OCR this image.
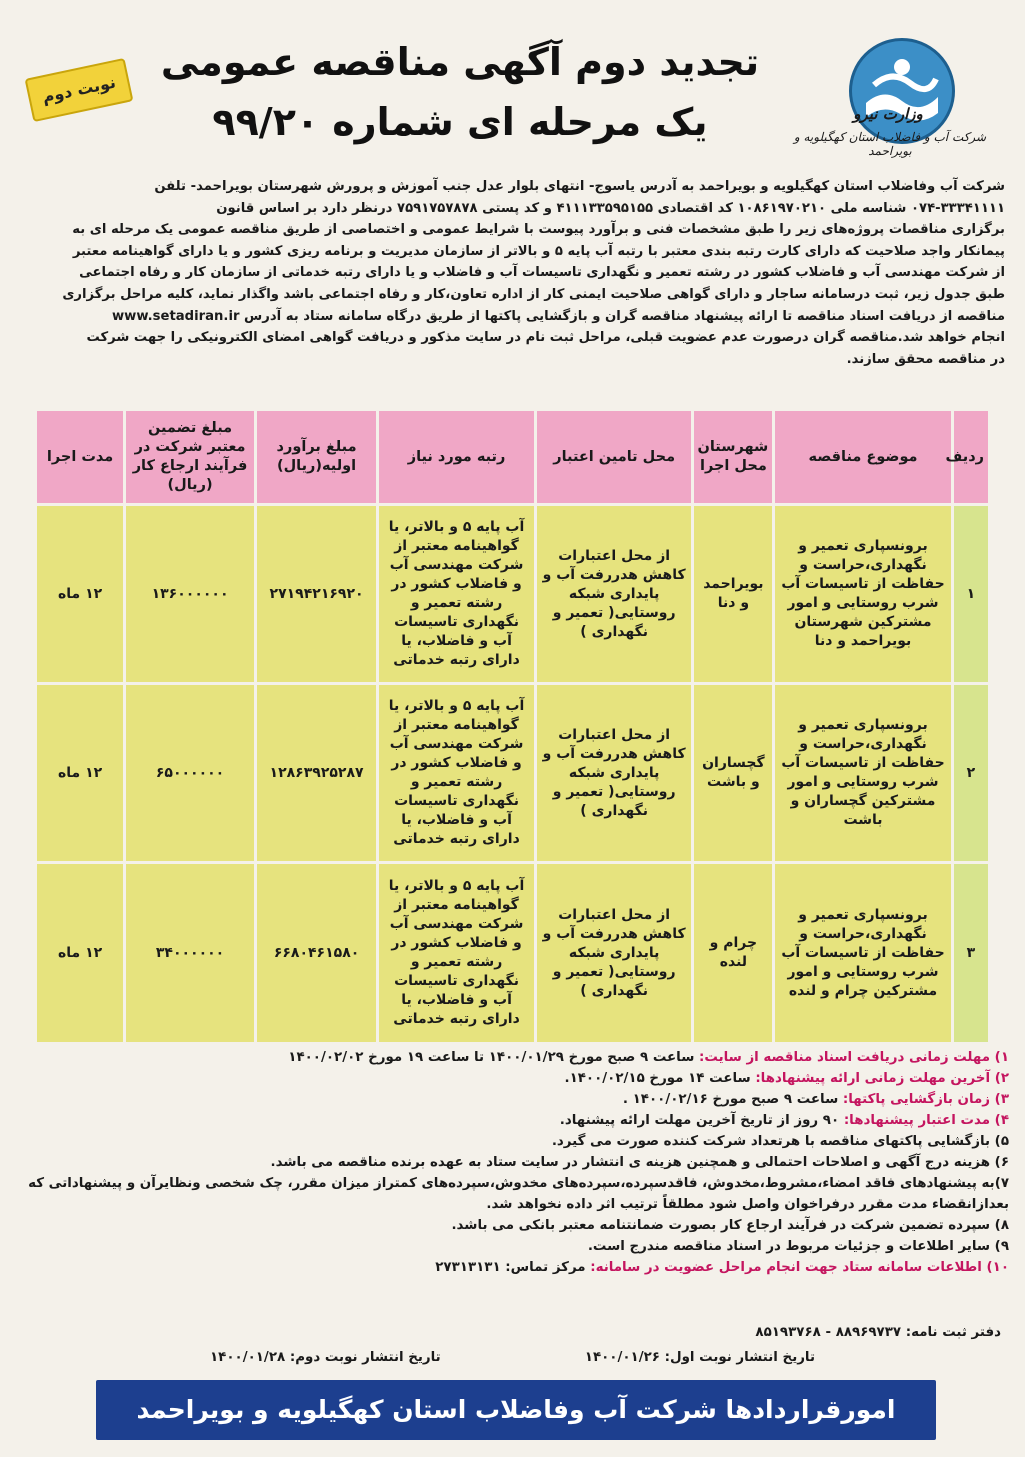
وزارت نیرو
شرکت آب و فاضلاب استان کهگیلویه و بویراحمد
تجدید دوم آگهی مناقصه عمومی
یک مرحله ای شماره ۹۹/۲۰
نوبت دوم
شرکت آب وفاضلاب استان کهگیلویه و بویراحمد به آدرس یاسوج- انتهای بلوار عدل جنب آموزش و پرورش شهرستان بویراحمد- تلفن
۰۷۴-۳۳۳۴۱۱۱۱ شناسه ملی ۱۰۸۶۱۹۷۰۲۱۰ کد اقتصادی ۴۱۱۱۳۳۵۹۵۱۵۵ و کد پستی ۷۵۹۱۷۵۷۸۷۸ درنظر دارد بر اساس قانون
برگزاری مناقصات پروژه‌های زیر را طبق مشخصات فنی و برآورد پیوست با شرایط عمومی و اختصاصی از طریق مناقصه عمومی یک مرحله ای به
پیمانکار واجد صلاحیت که دارای کارت رتبه بندی معتبر با رتبه آب پایه ۵ و بالاتر از سازمان مدیریت و برنامه ریزی کشور و یا دارای گواهینامه معتبر
از شرکت مهندسی آب و فاضلاب کشور در رشته تعمیر و نگهداری تاسیسات آب و فاضلاب و یا دارای رتبه خدماتی از سازمان کار و رفاه اجتماعی
طبق جدول زیر، ثبت درسامانه ساجار و دارای گواهی صلاحیت ایمنی کار از اداره تعاون،کار و رفاه اجتماعی باشد واگذار نماید، کلیه مراحل برگزاری
مناقصه از دریافت اسناد مناقصه تا ارائه پیشنهاد مناقصه گران و بازگشایی پاکتها از طریق درگاه سامانه ستاد به آدرس www.setadiran.ir
انجام خواهد شد.مناقصه گران درصورت عدم عضویت قبلی، مراحل ثبت نام در سایت مذکور و دریافت گواهی امضای الکترونیکی را جهت شرکت
در مناقصه محقق سازند.
ردیف	موضوع مناقصه	شهرستان محل اجرا	محل تامین اعتبار	رتبه مورد نیاز	مبلغ برآورد اولیه(ریال)	مبلغ تضمین معتبر شرکت در فرآیند ارجاع کار (ریال)	مدت اجرا
۱	برونسپاری تعمیر و نگهداری،حراست و حفاظت از تاسیسات آب شرب روستایی و امور مشترکین شهرستان بویراحمد و دنا	بویراحمد و دنا	از محل اعتبارات کاهش هدررفت آب و پایداری شبکه روستایی( تعمیر و نگهداری )	آب پایه ۵ و بالاتر، یا گواهینامه معتبر از شرکت مهندسی آب و فاضلاب کشور در رشته تعمیر و نگهداری تاسیسات آب و فاضلاب، یا دارای رتبه خدماتی	۲۷۱۹۴۲۱۶۹۲۰	۱۳۶۰۰۰۰۰۰	۱۲ ماه
۲	برونسپاری تعمیر و نگهداری،حراست و حفاظت از تاسیسات آب شرب روستایی و امور مشترکین گچساران و باشت	گچساران و باشت	از محل اعتبارات کاهش هدررفت آب و پایداری شبکه روستایی( تعمیر و نگهداری )	آب پایه ۵ و بالاتر، یا گواهینامه معتبر از شرکت مهندسی آب و فاضلاب کشور در رشته تعمیر و نگهداری تاسیسات آب و فاضلاب، یا دارای رتبه خدماتی	۱۲۸۶۳۹۲۵۲۸۷	۶۵۰۰۰۰۰۰	۱۲ ماه
۳	برونسپاری تعمیر و نگهداری،حراست و حفاظت از تاسیسات آب شرب روستایی و امور مشترکین چرام و لنده	چرام و لنده	از محل اعتبارات کاهش هدررفت آب و پایداری شبکه روستایی( تعمیر و نگهداری )	آب پایه ۵ و بالاتر، یا گواهینامه معتبر از شرکت مهندسی آب و فاضلاب کشور در رشته تعمیر و نگهداری تاسیسات آب و فاضلاب، یا دارای رتبه خدماتی	۶۶۸۰۴۶۱۵۸۰	۳۴۰۰۰۰۰۰	۱۲ ماه
۱) مهلت زمانی دریافت اسناد مناقصه از سایت: ساعت ۹ صبح مورخ ۱۴۰۰/۰۱/۲۹ تا ساعت ۱۹ مورخ ۱۴۰۰/۰۲/۰۲
۲) آخرین مهلت زمانی ارائه پیشنهادها: ساعت ۱۴ مورخ ۱۴۰۰/۰۲/۱۵.
۳) زمان بازگشایی پاکتها: ساعت ۹ صبح مورخ ۱۴۰۰/۰۲/۱۶ .
۴) مدت اعتبار پیشنهادها: ۹۰ روز از تاریخ آخرین مهلت ارائه پیشنهاد.
۵) بازگشایی پاکتهای مناقصه با هرتعداد شرکت کننده صورت می گیرد.
۶) هزینه درج آگهی و اصلاحات احتمالی و همچنین هزینه ی انتشار در سایت ستاد به عهده برنده مناقصه می باشد.
۷)به پیشنهادهای فاقد امضاء،مشروط،مخدوش، فاقدسپرده،سپرده‌های مخدوش،سپرده‌های کمتراز میزان مقرر، چک شخصی ونظایرآن و پیشنهاداتی که بعدازانقضاء مدت مقرر درفراخوان واصل شود مطلقاً ترتیب اثر داده نخواهد شد.
۸) سپرده تضمین شرکت در فرآیند ارجاع کار بصورت ضمانتنامه معتبر بانکی می باشد.
۹) سایر اطلاعات و جزئیات مربوط در اسناد مناقصه مندرج است.
۱۰) اطلاعات سامانه ستاد جهت انجام مراحل عضویت در سامانه: مرکز تماس: ۲۷۳۱۳۱۳۱
دفتر ثبت نامه: ۸۸۹۶۹۷۳۷ - ۸۵۱۹۳۷۶۸
تاریخ انتشار نوبت اول: ۱۴۰۰/۰۱/۲۶
تاریخ انتشار نوبت دوم: ۱۴۰۰/۰۱/۲۸
امورقراردادها شرکت آب وفاضلاب استان کهگیلویه و بویراحمد
